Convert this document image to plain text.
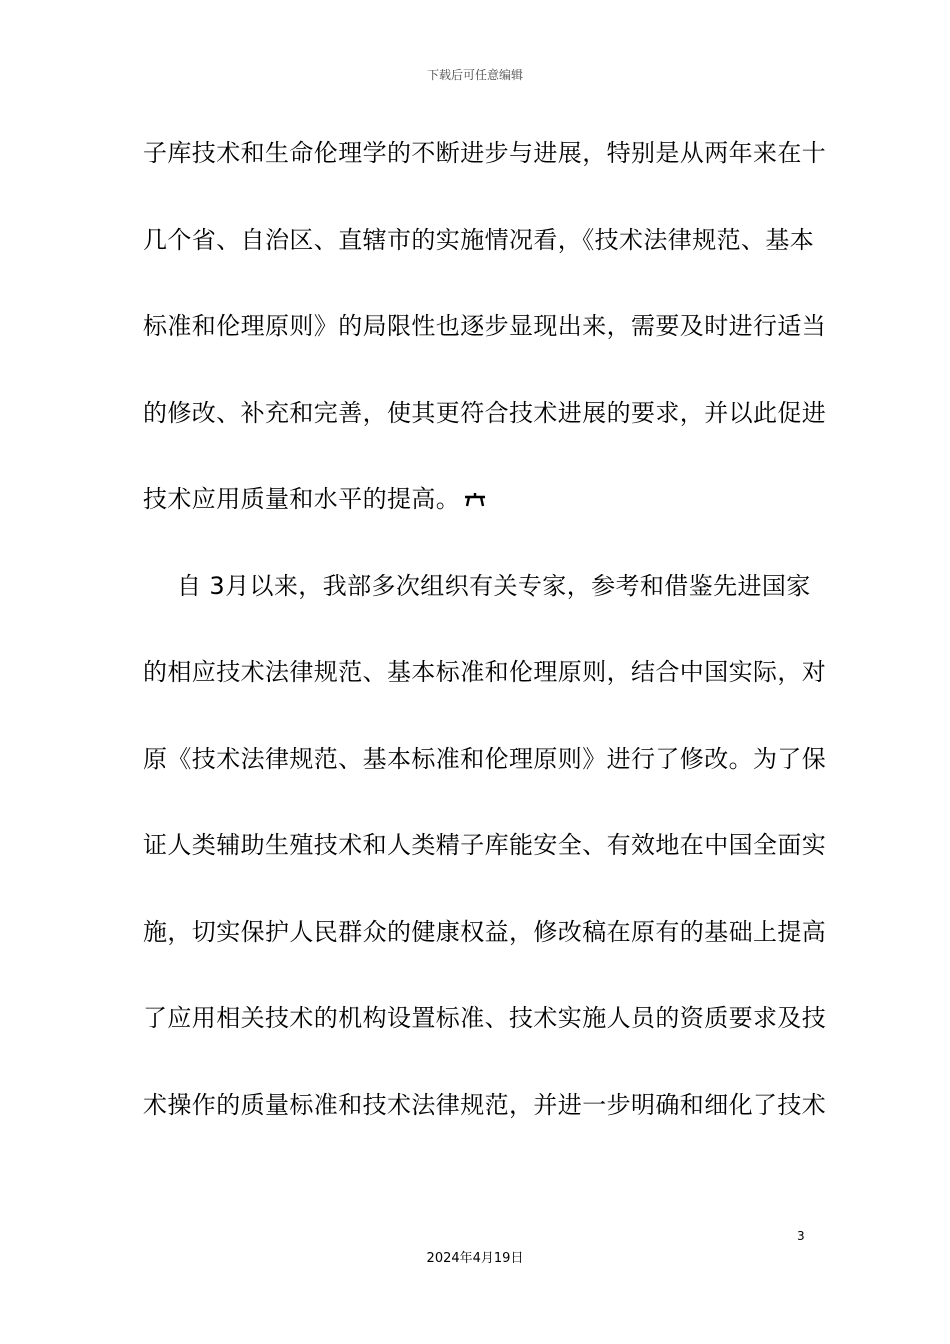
下载后可任意编辑
子库技术和生命伦理学的不断进步与进展，特别是从两年来在十
几个省、自治区、直辖市的实施情况看，《技术法律规范、基本
标准和伦理原则》的局限性也逐步显现出来，需要及时进行适当
的修改、补充和完善，使其更符合技术进展的要求，并以此促进
技术应用质量和水平的提高。
自 3月以来，我部多次组织有关专家，参考和借鉴先进国家
的相应技术法律规范、基本标准和伦理原则，结合中国实际，对
原《技术法律规范、基本标准和伦理原则》进行了修改。为了保
证人类辅助生殖技术和人类精子库能安全、有效地在中国全面实
施，切实保护人民群众的健康权益，修改稿在原有的基础上提高
了应用相关技术的机构设置标准、技术实施人员的资质要求及技
术操作的质量标准和技术法律规范，并进一步明确和细化了技术
3
2024年4月19日
